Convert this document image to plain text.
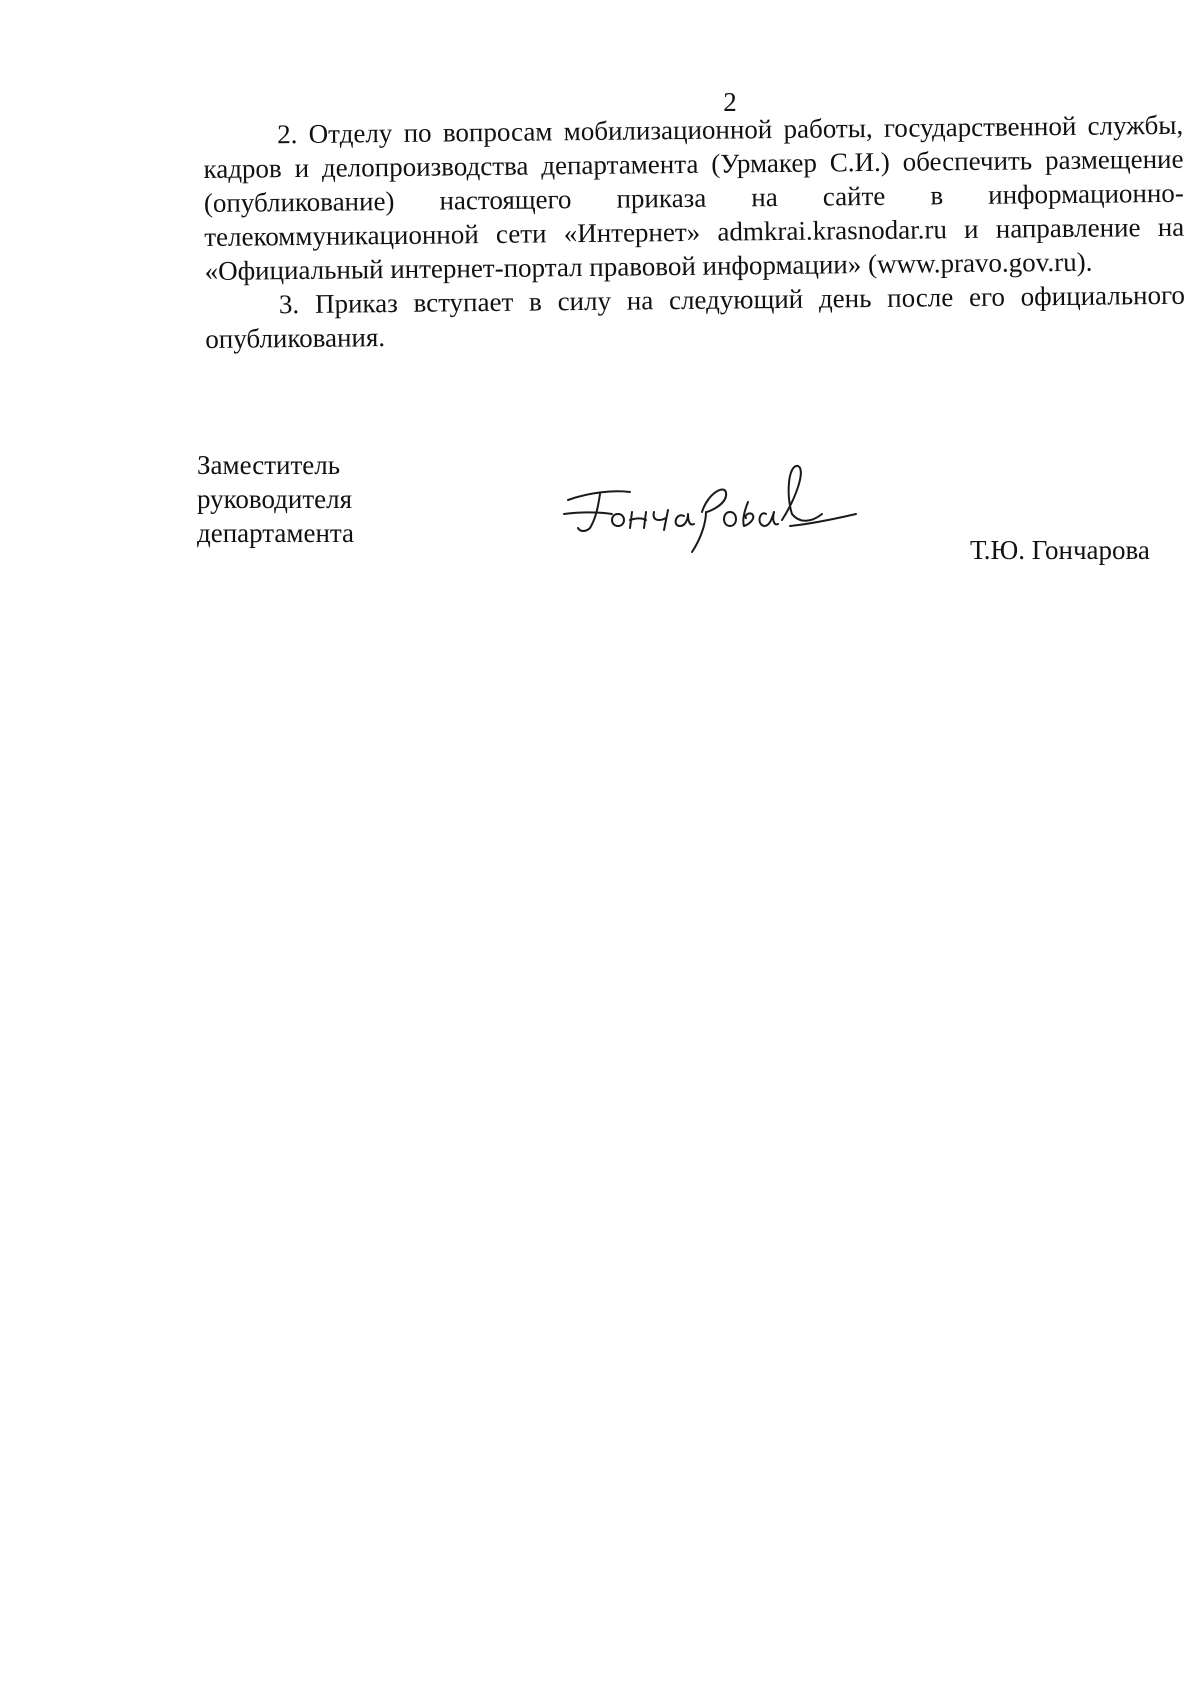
2

2. Отделу по вопросам мобилизационной работы, государственной службы, кадров и делопроизводства департамента (Урмакер С.И.) обеспечить размещение (опубликование) настоящего приказа на сайте в информационно-телекоммуникационной сети «Интернет» admkrai.krasnodar.ru и направление на «Официальный интернет-портал правовой информации» (www.pravo.gov.ru).

3. Приказ вступает в силу на следующий день после его официального опубликования.

Заместитель
руководителя
департамента
Т.Ю. Гончарова
